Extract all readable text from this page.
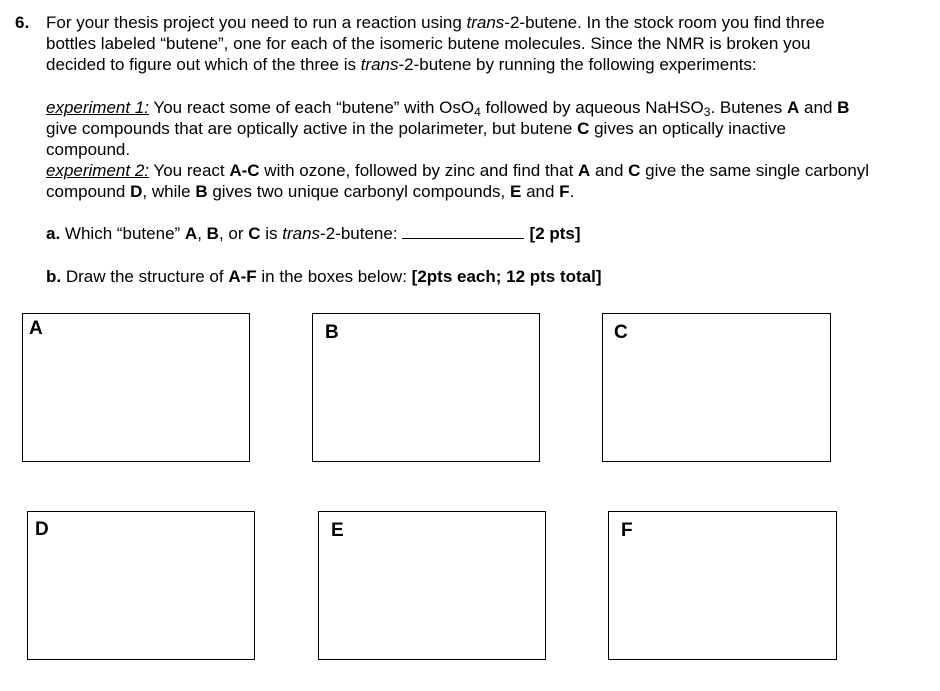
6. For your thesis project you need to run a reaction using trans-2-butene. In the stock room you find three
bottles labeled “butene”, one for each of the isomeric butene molecules. Since the NMR is broken you
decided to figure out which of the three is trans-2-butene by running the following experiments:
experiment 1: You react some of each “butene” with OsO$_4$ followed by aqueous NaHSO$_3$. Butenes A and B
give compounds that are optically active in the polarimeter, but butene C gives an optically inactive
compound.
experiment 2: You react A-C with ozone, followed by zinc and find that A and C give the same single carbonyl
compound D, while B gives two unique carbonyl compounds, E and F.
a. Which “butene” A, B, or C is trans-2-butene:	[2 pts]
b. Draw the structure of A-F in the boxes below: [2pts each; 12 pts total]
A	B	C
D	E	F
